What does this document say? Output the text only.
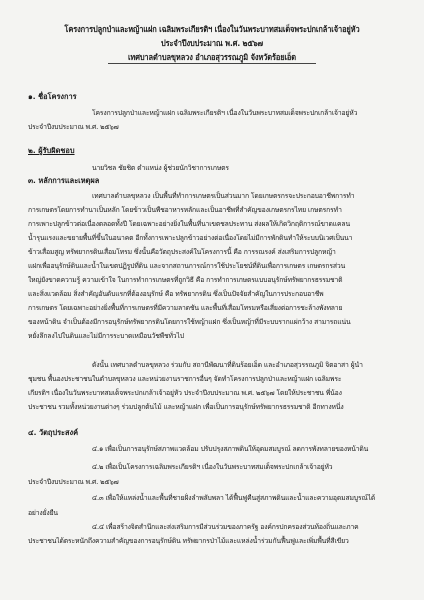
โครงการปลูกป่าและหญ้าแฝก เฉลิมพระเกียรติฯ เนื่องในวันพระบาทสมเด็จพระปกเกล้าเจ้าอยู่หัว
ประจำปีงบประมาณ พ.ศ. ๒๕๖๗
เทศบาลตำบลขุหลวง อำเภอสุวรรณภูมิ จังหวัดร้อยเอ็ด
๑. ชื่อโครงการ
โครงการปลูกป่าและหญ้าแฝก เฉลิมพระเกียรติฯ เนื่องในวันพระบาทสมเด็จพระปกเกล้าเจ้าอยู่หัว
ประจำปีงบประมาณ พ.ศ. ๒๕๖๗
๒. ผู้รับผิดชอบ
นายวิชล ชัยชิต ตำแหน่ง ผู้ช่วยนักวิชาการเกษตร
๓. หลักการและเหตุผล
เทศบาลตำบลขุหลวง เป็นพื้นที่ทำการเกษตรเป็นส่วนมาก โดยเกษตรกรจะประกอบอาชีพการทำ
การเกษตรโดยการทำนาเป็นหลัก โดยข้าวเป็นพืชอาหารหลักและเป็นอาชีพที่สำคัญของเกษตรกรไทย เกษตรกรทำ
การเพาะปลูกข้าวต่อเนื่องตลอดทั้งปี โดยเฉพาะอย่างยิ่งในพื้นที่นาเขตชลประทาน ส่งผลให้เกิดวิกฤติการณ์ขาดแคลน
น้ำรุนแรงและขยายพื้นที่ขึ้นในอนาคต อีกทั้งการเพาะปลูกข้าวอย่างต่อเนื่องโดยไม่มีการพักดินทำให้ระบบนิเวศเป็นนา
ข้าวเสื่อมสูญ ทรัพยากรดินเสื่อมโทรม ซึ่งนั้นคือวัตถุประสงค์ในโครงการนี้ คือ การรณรงค์ ส่งเสริมการปลูกหญ้า
แฝกเพื่ออนุรักษ์ดินและน้ำในเขตปฏิรูปที่ดิน และจากสถานการณ์การใช้ประโยชน์ที่ดินเพื่อการเกษตร เกษตรกรส่วน
ใหญ่ยังขาดความรู้ ความเข้าใจ ในการทำการเกษตรที่ถูกวิธี คือ การทำการเกษตรแบบอนุรักษ์ทรัพยากรธรรมชาติ
และสิ่งแวดล้อม สิ่งสำคัญอันดับแรกที่ต้องอนุรักษ์ คือ ทรัพยากรดิน ซึ่งเป็นปัจจัยสำคัญในการประกอบอาชีพ
การเกษตร โดยเฉพาะอย่างยิ่งพื้นที่การเกษตรที่มีความลาดชัน และพื้นที่เสื่อมโทรมหรือเสี่ยงต่อการชะล้างพังทลาย
ของหน้าดิน จำเป็นต้องมีการอนุรักษ์ทรัพยากรดินโดยการใช้หญ้าแฝก ซึ่งเป็นหญ้าที่มีระบบรากแผ่กว้าง สามารถแน่น
หยั่งลึกลงไปในดินและไม่มีการระบาดเหมือนวัชพืชทั่วไป
ดังนั้น เทศบาลตำบลขุหลวง ร่วมกับ สถานีพัฒนาที่ดินร้อยเอ็ด และอำเภอสุวรรณภูมิ จิตอาสา ผู้นำ
ชุมชน พื้นองประชาชนในตำบลขุหลวง และหน่วยงานราชการอื่นๆ จัดทำโครงการปลูกป่าและหญ้าแฝก เฉลิมพระ
เกียรติฯ เนื่องในวันพระบาทสมเด็จพระปกเกล้าเจ้าอยู่หัว ประจำปีงบประมาณ พ.ศ. ๒๕๖๗ โดยให้ประชาชน พี่น้อง
ประชาชน รวมทั้งหน่วยงานต่างๆ ร่วมปลูกต้นไม้ และหญ้าแฝก เพื่อเป็นการอนุรักษ์ทรัพยากรธรรมชาติ อีกทางหนึ่ง
๔. วัตถุประสงค์
๔.๑ เพื่อเป็นการอนุรักษ์สภาพแวดล้อม ปรับปรุงสภาพดินให้อุดมสมบูรณ์ ลดการพังทลายของหน้าดิน
๔.๒ เพื่อเป็นโครงการเฉลิมพระเกียรติฯ เนื่องในวันพระบาทสมเด็จพระปกเกล้าเจ้าอยู่หัว
ประจำปีงบประมาณ พ.ศ. ๒๕๖๗
๔.๓ เพื่อให้แหล่งน้ำและพื้นที่ชายฝั่งลำพลับพลา ได้ฟื้นฟูคืนสู่สภาพดินและน้ำและความอุดมสมบูรณ์ได้
อย่างยั่งยืน
๔.๔ เพื่อสร้างจิตสำนึกและส่งเสริมการมีส่วนร่วมของภาครัฐ องค์กรปกครองส่วนท้องถิ่นและภาค
ประชาชนได้ตระหนักถึงความสำคัญของการอนุรักษ์ดิน ทรัพยากรป่าไม้และแหล่งน้ำร่วมกันฟื้นฟูและเพิ่มพื้นที่สีเขียว
